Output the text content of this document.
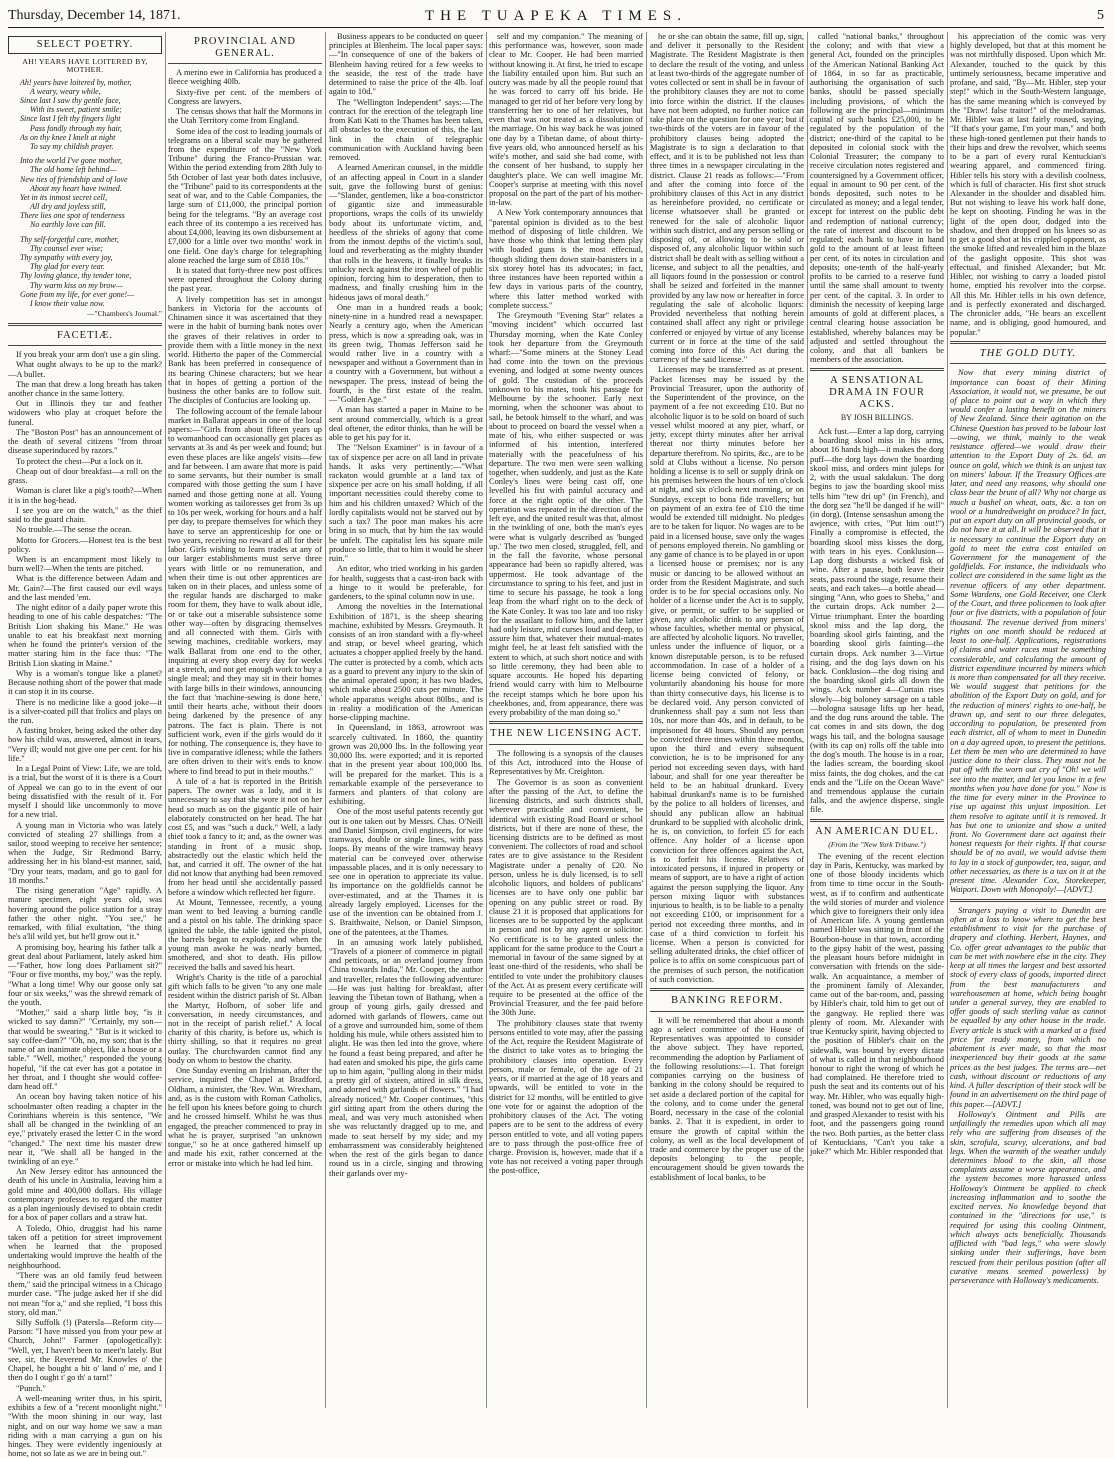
Thursday, December 14, 1871.	THE TUAPEKA TIMES.	5
SELECT POETRY.
AH! YEARS HAVE LOITERED BY, MOTHER.
Ah! years have loitered by, mother,
A weary, weary while,
Since last I saw thy gentle face,
With its sweet, patient smile;
Since last I felt thy fingers light
Pass fondly through my hair,
As on thy knee I knelt at night
To say my childish prayer.
Into the world I've gone mother,
The old home left behind—
New ties of friendship and of love
About my heart have twined.
Yet in its inmost secret cell,
All dry and joyless still,
There lies one spot of tenderness
No earthly love can fill.
Thy self-forgetful care, mother,
Thy counsel ever wise;
Thy sympathy with every joy,
Thy glad for every tear.
Thy loving glance, thy tender tone,
Thy warm kiss on my brow—
Gone from my life, for ever gone!—
I know their value now.
—"Chambers's Journal."
FACETIÆ.

If you break your arm don't use a gin sling.

What ought always to be up to the mark?—A bullet.

The man that drew a long breath has taken another chance in the same lottery.

Out in Illinois they tar and feather widowers who play at croquet before the funeral.

The "Boston Post" has an announcement of the death of several citizens "from throat disease superinduced by razors."

To protect the chest—Put a lock on it.

Cheap out of door breakfast—a roll on the grass.

Woman is claret like a pig's tooth?—When it is in the hog-head.

I see you are on the watch," as the thief said to the guard chain.

No trouble.—The sense the ocean.

Motto for Grocers.—Honest tea is the best policy.

When is an encampment most likely to burn well?—When the tents are pitched.

What is the difference between Adam and Mr. Gain?—The first caused our evil ways and the last mended 'em.

The night editor of a daily paper wrote this heading to one of his cable despatches: "The British Lion shaking his Mane." He was unable to eat his breakfast next morning when he found the printer's version of the matter staring him in the face thus: "The British Lion skating in Maine."

Why is a woman's tongue like a planet? Because nothing short of the power that made it can stop it in its course.

There is no medicine like a good joke—it is a silver-coated pill that frolics and plays on the run.

A fasting broker, being asked the other day how his child was, answered, almost in tears, "Very ill; would not give one per cent. for his life."

In a Legal Point of View: Life, we are told, is a trial, but the worst of it is there is a Court of Appeal we can go to in the event of our being dissatisfied with the result of it. For myself I should like uncommonly to move for a new trial.

A young man in Victoria who was lately convicted of stealing 27 shillings from a sailor, stood weeping to receive her sentence; when the Judge, Sir Redmond Barry, addressing her in his bland-est manner, said, "Dry your tears, madam, and go to gaol for 18 months."

The rising generation "Age" rapidly. A mature specimen, eight years old, was hovering around the police station for a stray father the other night. "You see," he remarked, with filial exultation, "the thing he's a'lil wild yet, but he'll grow out it."

A promising boy, hearing his father talk a great deal about Parliament, lately asked him—"Father, how long does Parliament sit?" "Four or five months, my boy," was the reply. "What a long time! Why our goose only sat four or six weeks," was the shrewd remark of the youth.

"Mother," said a sharp little boy, "is it wicked to say damn?" "Certainly, my son—that would be swearing." "But is it wicked to say coffee-dam?" "Oh, no, my son; that is the name of an inanimate object, like a house or a table." "Well, mother," responded the young hopeful, "if the cat ever has got a potatoe in her throat, and I thought she would coffee-dam head off."

An ocean boy having taken notice of his schoolmaster often reading a chapter in the Corinthians wherein is this sentence, "We shall all be changed in the twinkling of an eye," privately erased the letter C in the word "changed." The next time his master drew near it, "We shall all be hanged in the twinkling of an eye."

An New Jersey editor has announced the death of his uncle in Australia, leaving him a gold mine and 400,000 dollars. His village contemporary professes to regard the matter as a plan ingeniously devised to obtain credit for a box of paper collars and a straw hat.

A Toledo, Ohio, druggist had his name taken off a petition for street improvement when he learned that the proposed undertaking would improve the health of the neighbourhood.

"There was an old family feud between them," said the principal witness in a Chicago murder case. "The judge asked her if she did not mean "for a," and she replied, "I boss this story, old man."

Silly Suffolk (!) (Patersla—Reform city—Parson: "I have missed you from your pew at Church, John!" Farmer (apologetically): "Well, yer, I haven't been to meet'n lately. But see, sir, the Reverend Mr. Knowles o' the Chapel, he bought a bit o' land o' me, and I then do I ought t' go th' a tarn!"

"Punch."

A well-meaning writer thus, in his spirit, exhibits a few of a "recent moonlight night." "With the moon shining in our way, last night, and on our way home we saw a man riding with a man carrying a gun on his hinges. They were evidently ingeniously at home, not so late as we are in being out."

PROVINCIAL AND GENERAL.

A merino ewe in California has produced a fleece weighing 40lb.

Sixty-five per cent. of the members of Congress are lawyers.

The census shows that half the Mormons in the Utah Territory come from England.

Some idea of the cost to leading journals of telegrams on a liberal scale may be gathered from the expenditure of the "New York Tribune" during the Franco-Prussian war. Within the period extending from 28th July to 5th October of last year both dates inclusive, the "Tribune" paid to its correspondents at the seat of war, and to the Cable Companies, the large sum of £11,000, the principal portion being for the telegrams. "By an average cost each three of its contempo a ies received has about £4,000, leaving its own disbursement at £7,000 for a little over two months' work in one field. One day's charge for telegraphing alone reached the large sum of £818 10s."

It is stated that forty-three new post offices were opened throughout the Colony during the past year.

A lively competition has set in amongst bankers in Victoria for the accounts of Chinamen since it was ascertained that they were in the habit of burning bank notes over the graves of their relatives in order to provide them with a little money in the next world. Hitherto the paper of the Commercial Bank has been preferred in consequence of its bearing Chinese characters; but we hear that in hopes of getting a portion of the business the other banks are to follow suit. The disciples of Confucius are looking up.

The following account of the female labour market in Ballarat appears in one of the local papers:—"Girls from about fifteen years up to womanhood can occasionally get places as servants at 3s and 4s per week and found; but even these places are like angels' visits—few and far between. I am aware that more is paid to some servants, but their number is small compared with those getting the sum I have named and those getting none at all. Young women working as tailoresses get from 3s up to 10s per week, working for hours and a half per day, to prepare themselves for which they have to serve an apprenticeship for one or two years, receiving no reward at all for their labor. Girls wishing to learn trades at any of our larger establishments must serve three years with little or no remuneration, and when their time is out other apprentices are taken on in their places, and unless some of the regular hands are discharged to make room for them, they have to walk about idle, or or take out a miserable subsistence some other way—often by disgracing themselves and all connected with them. Girls with sewing machines, creditable workers, may walk Ballarat from one end to the other, inquiring at every shop every day for weeks at a stretch, and not get enough work to buy a single meal; and they may sit in their homes with large bills in their windows, announcing the fact that 'machine-sewing is done here,' until their hearts ache, without their doors being darkened by the presence of any patrons. The fact is plain. There is not sufficient work, even if the girls would do it for nothing. The consequence is, they have to live in comparative idleness; while the fathers are often driven to their wit's ends to know where to find bread to put in their mouths."

A tale of a hat is reported in the British papers. The owner was a lady, and it is unnecessary to say that she wore it not on her head so much as on the gigantic pile of hair elaborately constructed on her head. The hat cost £5, and was "such a duck." Well, a lady thief took a fancy to it; and, as the owner was standing in front of a music shop, abstractedly out the elastic which held the hat, and carried it off. The owner of the hat did not know that anything had been removed from her head until she accidentally passed before a window which reflected her figure.

At Mount, Tennessee, recently, a young man went to bed leaving a burning candle and a pistol on his table. The drinking space ignited the table, the table ignited the pistol, the barrels began to explode, and when the young man awoke he was nearly burned, smothered, and shot to death. His pillow received the balls and saved his heart.

Wright's Charity is the title of a parochial gift which falls to be given "to any one male resident within the district parish of St. Alban the Martyr, Holborn, of sober life and conversation, in needy circumstances, and not in the receipt of parish relief." A local charity of this charity, is before us, which is thirty shilling, so that it requires no great outlay. The churchwarden cannot find any body on whom to bestow the charity.

One Sunday evening an Irishman, after the service, inquired the Chapel at Bradford, Oldham, a minister, the 'Rev. Wm. Wrexham, and, as is the custom with Roman Catholics, he fell upon his knees before going to church and he crossed himself. Whilst he was thus engaged, the preacher commenced to pray in what he is prayer, surprised "an unknown tongue," so he at once gathered himself up and made his exit, rather concerned at the error or mistake into which he had led him.

Business appears to be conducted on queer principles at Blenheim. The local paper says:—"In consequence of one of the bakers of Blenheim having retired for a few weeks to the seaside, the rest of the trade have determined to raise the price of the 4lb. loaf again to 10d."

The "Wellington Independent" says:—The contract for the erection of the telegraph line from Kati Kati to the Thames has been taken, all obstacles to the execution of this, the last link in the chain of telegraphic communication with Auckland having been removed.

A learned American counsel, in the middle of an affecting appeal in Court in a slander suit, gave the following burst of genius:—"Slander, gentlemen, like a boa-constrictor of gigantic size and immeasurable proportions, wraps the coils of its unwieldy body about its unfortunate victim, and, heedless of the shrieks of agony that come from the inmost depths of the victim's soul, loud and reverberating as the mighty thunder that rolls in the heavens, it finally breaks its unlucky neck against the iron wheel of public opinion, forcing him to desperation, then to madness, and finally crushing him in the hideous jaws of moral death."

One man in a hundred reads a book; ninety-nine in a hundred read a newspaper. Nearly a century ago, when the American press, which is now a spreading oak, was in its green twig, Thomas Jefferson said he would rather live in a country with a newspaper and without a Government than in a country with a Government, but without a newspaper. The press, instead of being the fourth, is the first estate of the realm.—"Golden Age."

A man has started a paper in Maine to be sent around commercially, which is a great deal oftener, the editor thinks, than he will be able to get his pay for it.

The "Nelson Examiner" is in favour of a tax of sixpence per acre on all land in private hands. It asks very pertinently:—"What rackaton would grumble at a land tax of sixpence per acre on his small holding, if all important necessities could thereby come to him and his children untaxed? Which of the lordly capitalists would not be starved out by such a tax? The poor man makes his acre bring in so much, that by him the tax would be unfelt. The capitalist lets his square mile produce so little, that to him it would be sheer ruin."

An editor, who tried working in his garden for health, suggests that a cast-iron back with a hinge to it would be preferable, for gardeners, to the spinal column now in use.

Among the novelties in the International Exhibition of 1871, is the sheep shearing machine, exhibited by Messrs. Greymouth. It consists of an iron standard with a fly-wheel and strap, or bevel wheel gearing, which actuates a chopper applied freely by the hand. The cutter is protected by a comb, which acts as a guard to prevent any injury to the skin of the animal operated upon; it has two blades, which make about 2500 cuts per minute. The whole apparatus weighs about 80lbs., and is in reality a modification of the American horse-clipping machine.

In Queensland, in 1863, arrowroot was scarcely cultivated. In 1860, the quantity grown was 20,000 lbs. In the following year 30,000 lbs. were exported; and it is reported that in the present year about 100,000 lbs. will be prepared for the market. This is a remarkable example of the perseverance to farmers and planters of that colony are exhibiting.

One of the most useful patents recently got out is one taken out by Messrs. Chas. O'Neill and Daniel Simpson, civil engineers, for wire tramways, double or single lines, with pass loops. By means of the wire tramway heavy material can be conveyed over otherwise impassable places, and it is only necessary to see one in operation to appreciate its value. Its importance on the goldfields cannot be over-estimated, and at the Thames it is already largely employed. Licenses for the use of the invention can be obtained from J. S. Braithwaite, Nelson, or Daniel Simpson, one of the patentees, at the Thames.

In an amusing work lately published, "Travels of a pioneer of commerce in pigtail and petticoats, or an overland journey from China towards India," Mr. Cooper, the author and traveller, relates the following adventure:—He was just halting for breakfast, after leaving the Tibetan town of Bathang, when a group of young girls, gaily dressed and adorned with garlands of flowers, came out of a grove and surrounded him, some of them holding his mule, while others assisted him to alight. He was then led into the grove, where he found a feast being prepared, and after he had eaten and smoked his pipe, the girls came up to him again, "pulling along in their midst a pretty girl of sixteen, attired in silk dress, and adorned with garlands of flowers." "I had already noticed," Mr. Cooper continues, "this girl sitting apart from the others during the meal, and was very much astonished when she was reluctantly dragged up to me, and made to seat herself by my side; and my embarrassment was considerably heightened when the rest of the girls began to dance round us in a circle, singing and throwing their garlands over my-

self and my companion." The meaning of this performance was, however, soon made clear to Mr. Cooper. He had been married without knowing it. At first, he tried to escape the liability entailed upon him. But such an outcry was made by all the people round that he was forced to carry off his bride. He managed to get rid of her before very long by transferring her to one of her relatives, but even that was not treated as a dissolution of the marriage. On his way back he was joined one day by a Tibetan dame, of about thirty-five years old, who announced herself as his wife's mother, and said she had come, with the consent of her husband, to supply her daughter's place. We can well imagine Mr. Cooper's surprise at meeting with this novel proposal on the part of the part of his mother-in-law.

A New York contemporary announces that "parental opinion is divided as to the best method of disposing of little children. We have those who think that letting them play with loaded guns is the most effectual, though sliding them down stair-banisters in a six storey hotel has its advocates; in fact, three instances have been reported within a few days in various parts of the country, where this latter method worked with complete success."

The Greymouth "Evening Star" relates a "moving incident" which occurred last Thursday morning, when the Kate Conley took her departure from the Greymouth wharf:—"Some miners at the Stoney Lead had come into the town on the previous evening, and lodged at some twenty ounces of gold. The custodian of the proceeds unknown to his mates, took his passage for Melbourne by the schooner. Early next morning, when the schooner was about to sail, he betook himself to the wharf, and was about to proceed on board the vessel when a mate of his, who either suspected or was informed of his intention, interfered materially with the peacefulness of his departure. The two men were seen walking together, when suddenly, and just as the Kate Conley's lines were being cast off, one levelled his fist with painful accuracy and force at the right optic of the other. The operation was repeated in the direction of the left eye, and the united result was that, almost in the twinkling of one, both the man's eyes were what is vulgarly described as 'bunged up.' The two men closed, struggled, fell, and in the fall the favorite, whose personal appearance had been so rapidly altered, was uppermost. He took advantage of the circumstance to spring to his feet, and just in time to secure his passage, he took a long leap from the wharf right on to the deck of the Kate Conley. It was too late and too risky for the assailant to follow him, and the latter had only leisure, mid curses loud and deep, to assure him that, whatever their mutual-mates might feel, he at least felt satisfied with the extent to which, at such short notice and with so little ceremony, they had been able to square accounts. He hoped his departing friend would carry with him to Melbourne the receipt stamps which he bore upon his cheekbones, and, from appearance, there was every probability of the man doing so."

THE NEW LICENSING ACT.

The following is a synopsis of the clauses of this Act, introduced into the House of Representatives by Mr. Creighton.

The Governor is as soon as convenient after the passing of the Act, to define the licensing districts, and such districts shall, wherever practicable and convenient, be identical with existing Road Board or school districts, but if there are none of these, the licensing districts are to be defined as most convenient. The collectors of road and school rates are to give assistance to the Resident Magistrate under a penalty of £20. No person, unless he is duly licensed, is to sell alcoholic liquors, and holders of publicans' licenses are to have only one public bar opening on any public street or road. By clause 21 it is proposed that applications for licenses are to be supported by the applicant in person and not by any agent or solicitor. No certificate is to be granted unless the applicant for the same produce to the Court a memorial in favour of the same signed by at least one-third of the residents, who shall be entitled to vote under the prohibitory clauses of the Act. At as present every certificate will require to be presented at the office of the Provincial Treasurer, and the fee paid before the 30th June.

The prohibitory clauses state that twenty persons entitled to vote may, after the passing of the Act, require the Resident Magistrate of the district to take votes as to bringing the prohibitory clauses into operation. Every person, male or female, of the age of 21 years, or if married at the age of 18 years and upwards, will be entitled to vote in the district for 12 months, will be entitled to give one vote for or against the adoption of the prohibitory clauses of the Act. The voting papers are to be sent to the address of every person entitled to vote, and all voting papers are to pass through the post-office free of charge. Provision is, however, made that if a vote has not received a voting paper through the post-office,

he or she can obtain the same, fill up, sign, and deliver it personally to the Resident Magistrate. The Resident Magistrate is then to declare the result of the voting, and unless at least two-thirds of the aggregate number of votes collected or sent in shall be in favour of the prohibitory clauses they are not to come into force within the district. If the clauses have not been adopted, no further notice can take place on the question for one year; but if two-thirds of the voters are in favour of the prohibitory clauses being adopted the Magistrate is to sign a declaration to that effect, and it is to be published not less than three times in a newspaper circulating in the district. Clause 21 reads as follows:—"From and after the coming into force of the prohibitory clauses of this Act in any district as hereinbefore provided, no certificate or license whatsoever shall be granted or renewed for the sale of alcoholic liquor within such district, and any person selling or disposing of, or allowing to be sold or disposed of, any alcoholic liquor within such district shall be dealt with as selling without a license, and subject to all the penalties, and all liquors found in the possession or control shall be seized and forfeited in the manner provided by any law now or hereafter in force regulating the sale of alcoholic liquors: Provided nevertheless that nothing herein contained shall affect any right or privilege conferred or enjoyed by virtue of any license current or in force at the time of the said coming into force of this Act during the currency of the said license."

Licenses may be transferred as at present. Packet licenses may be issued by the Provincial Treasurer, upon the authority of the Superintendent of the province, on the payment of a fee not exceeding £10. But no alcoholic liquor is to be sold on board of such vessel whilst moored at any pier, wharf, or jetty, except thirty minutes after her arrival thereat nor thirty minutes before her departure therefrom. No spirits, &c., are to be sold at Clubs without a license. No person holding a license is to sell or supply drink on his premises between the hours of ten o'clock at night, and six o'clock next morning, or on Sundays, except to bona fide travellers; but on payment of an extra fee of £10 the time would be extended till midnight. No pledges are to be taken for liquor. No wages are to be paid in a licensed house, save only the wages of persons employed therein. No gambling or any game of chance is to be played in or upon a licensed house or premises; nor is any music or dancing to be allowed without an order from the Resident Magistrate, and such order is to be for special occasions only. No holder of a license under the Act is to supply, give, or permit, or suffer to be supplied or given, any alcoholic drink to any person of whose faculties, whether mental or physical, are affected by alcoholic liquors. No traveller, unless under the influence of liquor, or a known disreputable person, is to be refused accommodation. In case of a holder of a license being convicted of felony, or voluntarily abandoning his house for more than thirty consecutive days, his license is to be declared void. Any person convicted of drunkenness shall pay a sum not less than 10s, nor more than 40s, and in default, to be imprisoned for 48 hours. Should any person be convicted three times within three months, upon the third and every subsequent conviction, he is to be imprisoned for any period not exceeding seven days, with hard labour, and shall for one year thereafter be held to be an habitual drunkard. Every habitual drunkard's name is to be furnished by the police to all holders of licenses, and should any publican allow an habitual drunkard to be supplied with alcoholic drink, he is, on conviction, to forfeit £5 for each offence. Any holder of a license upon conviction for three offences against the Act, is to forfeit his license. Relatives of intoxicated persons, if injured in property or means of support, are to have a right of action against the person supplying the liquor. Any person mixing liquor with substances injurious to health, is to be liable to a penalty not exceeding £100, or imprisonment for a period not exceeding three months, and in case of a third conviction to forfeit his license. When a person is convicted for selling adulterated drinks, the chief officer of police is to affix on some conspicuous part of the premises of such person, the notification of such conviction.

BANKING REFORM.

It will be remembered that about a month ago a select committee of the House of Representatives was appointed to consider the above subject. They have reported, recommending the adoption by Parliament of the following resolutions:—1. That foreign companies carrying on the business of banking in the colony should be required to set aside a declared portion of the capital for the colony, and to come under the general Board, necessary in the case of the colonial banks. 2. That it is expedient, in order to ensure the growth of capital within the colony, as well as the local development of trade and commerce by the proper use of the deposits belonging to the people, encouragement should be given towards the establishment of local banks, to be

called "national banks," throughout the colony; and with that view a general Act, founded on the principles of the American National Banking Act of 1864, in so far as practicable, authorising the organisation of such banks, should be passed specially including provisions, of which the following are the principal—minimum capital of such banks £25,000, to be regulated by the population of the district; one-third of the capital to be deposited in colonial stock with the Colonial Treasurer; the company to receive circulation notes registered and countersigned by a Government officer, equal in amount to 90 per cent. of the bonds deposited, such notes to be circulated as money; and a legal tender, except for interest on the public debt and redemption of national currency; the rate of interest and discount to be regulated; each bank to have in hand gold to the amount of at least fifteen per cent. of its notes in circulation and deposits; one-tenth of the half-yearly profits to be carried to a reserve fund until the same shall amount to twenty per cent. of the capital. 3. In order to diminish the necessity of keeping large amounts of gold at different places, a central clearing house association be established, whereby balances may be adjusted and settled throughout the colony, and that all bankers be members of the association.

A SENSATIONAL DRAMA IN FOUR ACKS.
BY JOSH BILLINGS.

Ack fust.—Enter a lap dorg, carrying a boarding skool miss in his arms, about 16 hands high—it makes the dorg puff—the dorg lays down the boarding skool miss, and orders mint juleps for 2, with the usual sakdakun. The dorg begins to jaw the boarding skool miss tells him "tew dri up" (in French), and the dorg sez "he'll be danged if he will" (in dorg). (Intense sensashun among the awjence, with cries, "Put him out!") Finally a compromise is effected, the boarding skool miss kisses the dorg, with tears in his eyes. Conklusion—Lap dorg disbursts a wicked fisk of wine. After a pause, both leave their seats, pass round the stage, resume their seats, and each takes—a bottle ahead—singing "Ann, who goes to Sheba," and the curtain drops. Ack number 2—Virtue triumphant. Enter the boarding skool miss and the lap dorg, the boarding skool girls fainting, and the boarding skool girls fainting—the curtain drops. Ack number 3—Virtue rising, and the dog lays down on his back. Conklusion—the dog rising and the boarding skool girls all down the wings. Ack number 4—Curtain rises slowly—big boloney sarsage on a table—bologna sausage lifts up her head, and the dog runs around the table. The cat comes in and sits down, the dog wags his tail, and the bologna sausage (with its cap on) rolls off the table into the dog's mouth. The house is in a roar, the ladies scream, the boarding skool miss faints, the dog chokes, and the cat ends and the "Life on the Ocean Wave" and tremendous applause the curtain falls, and the awjence disperse, single file.

AN AMERICAN DUEL.
(From the "New York Tribune.")

The evening of the recent election day in Paris, Kentucky, was marked by one of those bloody incidents which from time to time occur in the South-west, as if to confirm and authenticate the wild stories of murder and violence which give to foreigners their only idea of American life. A young gentleman named Hibler was sitting in front of the Bourbon-house in that town, according to the gipsy habit of the west, passing the pleasant hours before midnight in conversation with friends on the side-walk. An acquaintance, a member of the prominent family of Alexander, came out of the bar-room, and, passing by Hibler's chair, told him to get out of the gangway. He replied there was plenty of room. Mr. Alexander with true Kentucky spirit, having objected to the position of Hibler's chair on the sidewalk, was bound by every dictate of what is called in that neighbourhood honour to right the wrong of which he had complained. He therefore tried to push the seat and its contents out of his way. Mr. Hibler, who was equally high-toned, was bound not to get out of line, and grasped Alexander to resist with his foot, and the passengers going round the two. Both parties, as the better class of Kentuckians, "Can't you take a joke?" which Mr. Hibler responded that

his appreciation of the comic was very highly developed, but that at this moment he was not mirthfully disposed. Upon which Mr. Alexander, touched to the quick by this untimely seriousness, became imperative and profane, and said, "By—Mr. Hibler, step your step!" which in the South-Western language, has the same meaning which is conveyed by the "Draw! false traitor!" of the melodramas. Mr. Hibler was at last fairly roused, saying, "If that's your game, I'm your man," and both these high-toned gentlemen put their hands to their hips and drew the revolver, which seems to be a part of every rural Kentuckian's wearing apparel, and commenced firing. Hibler tells his story with a devilish coolness, which is full of character. His first shot struck Alexander in the shoulder and disabled him. But not wishing to leave his work half done, he kept on shooting. Finding he was in the light of the open door, dodged into the shadow, and then dropped on his knees so as to get a good shot at his crippled opponent, as the smoke lifted and revealed him in the blaze of the gaslight opposite. This shot was effectual, and finished Alexander; but Mr. Hibler, not wishing to carry a loaded pistol home, emptied his revolver into the corpse. All this Mr. Hibler tells in his own defence, and is perfectly exonerated and discharged. The chronicler adds, "He bears an excellent name, and is obliging, good humoured, and popular."

THE GOLD DUTY.

Now that every mining district of importance can boast of their Mining Association, it would not, we presume, be out of place to point out a way in which they would confer a lasting benefit on the miners of New Zealand. Since their agitation on the Chinese Question has proved to be labour lost—owing, we think, mainly to the weak resistance offered—we would draw their attention to the Export Duty of 2s. 6d. an ounce on gold, which we think is an unjust tax on miners' labour. If the Treasury Offices are later, and need any reasons, why should one class bear the brunt of all? Why not charge as much a bushel on wheat, oats, &c. a ton on wool or a hundredweight on produce? In fact, put an export duty on all provincial goods, or do not have it at all. It will be observed that it is necessary to continue the Export duty on gold to meet the extra cost entailed on Government for the management of the goldfields. For instance, the individuals who collect are considered in the same light as the revenue officers of any other department. Some Wardens, one Gold Receiver, one Clerk of the Court, and three policemen to look after four or five districts, with a population of four thousand. The revenue derived from miners' rights on one month should be reduced at least to one-half. Applications, registrations of claims and water races must be something considerable, and calculating the amount of district expenditure incurred by miners which is more than compensated for all they receive. We would suggest that petitions for the abolition of the Export Duty on gold, and for the reduction of miners' rights to one-half, be drawn up, and sent to our three delegates, according to population, be presented from each district, all of whom to meet in Dunedin on a day agreed upon, to present the petitions. Let them be men who are determined to have justice done to their class. They must not be put off with the worn out cry of "Oh! we will see into the matter, and let you know in a few months when you have done for you." Now is the time for every miner in the Province to rise up against this unjust imposition. Let them resolve to agitate until it is removed. It has but one to unionize and show a united front. No Government dare act against their honest requests for their rights. If that course should be of no avail, we would advise them to lay in a stock of gunpowder, tea, sugar, and other necessaries, as there is a tax on it at the present time. Alexander Cox, Storekeeper, Waipori. Down with Monopoly!—[ADVT.]

Strangers paying a visit to Dunedin are often at a loss to know where to get the best establishment to visit for the purchase of drapery and clothing. Herbert, Haynes, and Co. offer great advantages to the public that can be met with nowhere else in the city. They keep at all times the largest and best assorted stock of every class of goods, imported direct from the best manufacturers and warehousemen at home, which being bought under a general survey, they are enabled to offer goods of such sterling value as cannot be equalled by any other house in the trade. Every article is stuck with a marked at a fixed price for ready money, from which no abatement is ever made, so that the most inexperienced buy their goods at the same prices as the best judges. The terms are—net cash, without discount or reductions of any kind. A fuller description of their stock will be found in an advertisement on the third page of this paper.—[ADVT.]

Holloway's Ointment and Pills are unfailingly the remedies upon which all may rely who are suffering from diseases of the skin, scrofula, scurvy, ulcerations, and bad legs. When the warmth of the weather unduly determines blood to the skin, all those complaints assume a worse appearance, and the system becomes more harassed unless Holloway's Ointment be applied to check increasing inflammation and to soothe the excited nerves. No knowledge beyond that contained in the "directions for use," is required for using this cooling Ointment, which always acts beneficially. Thousands afflicted with "bad legs," who were slowly sinking under their sufferings, have been rescued from their perilous position (after all curative means seemed powerless) by perseverance with Holloway's medicaments.
